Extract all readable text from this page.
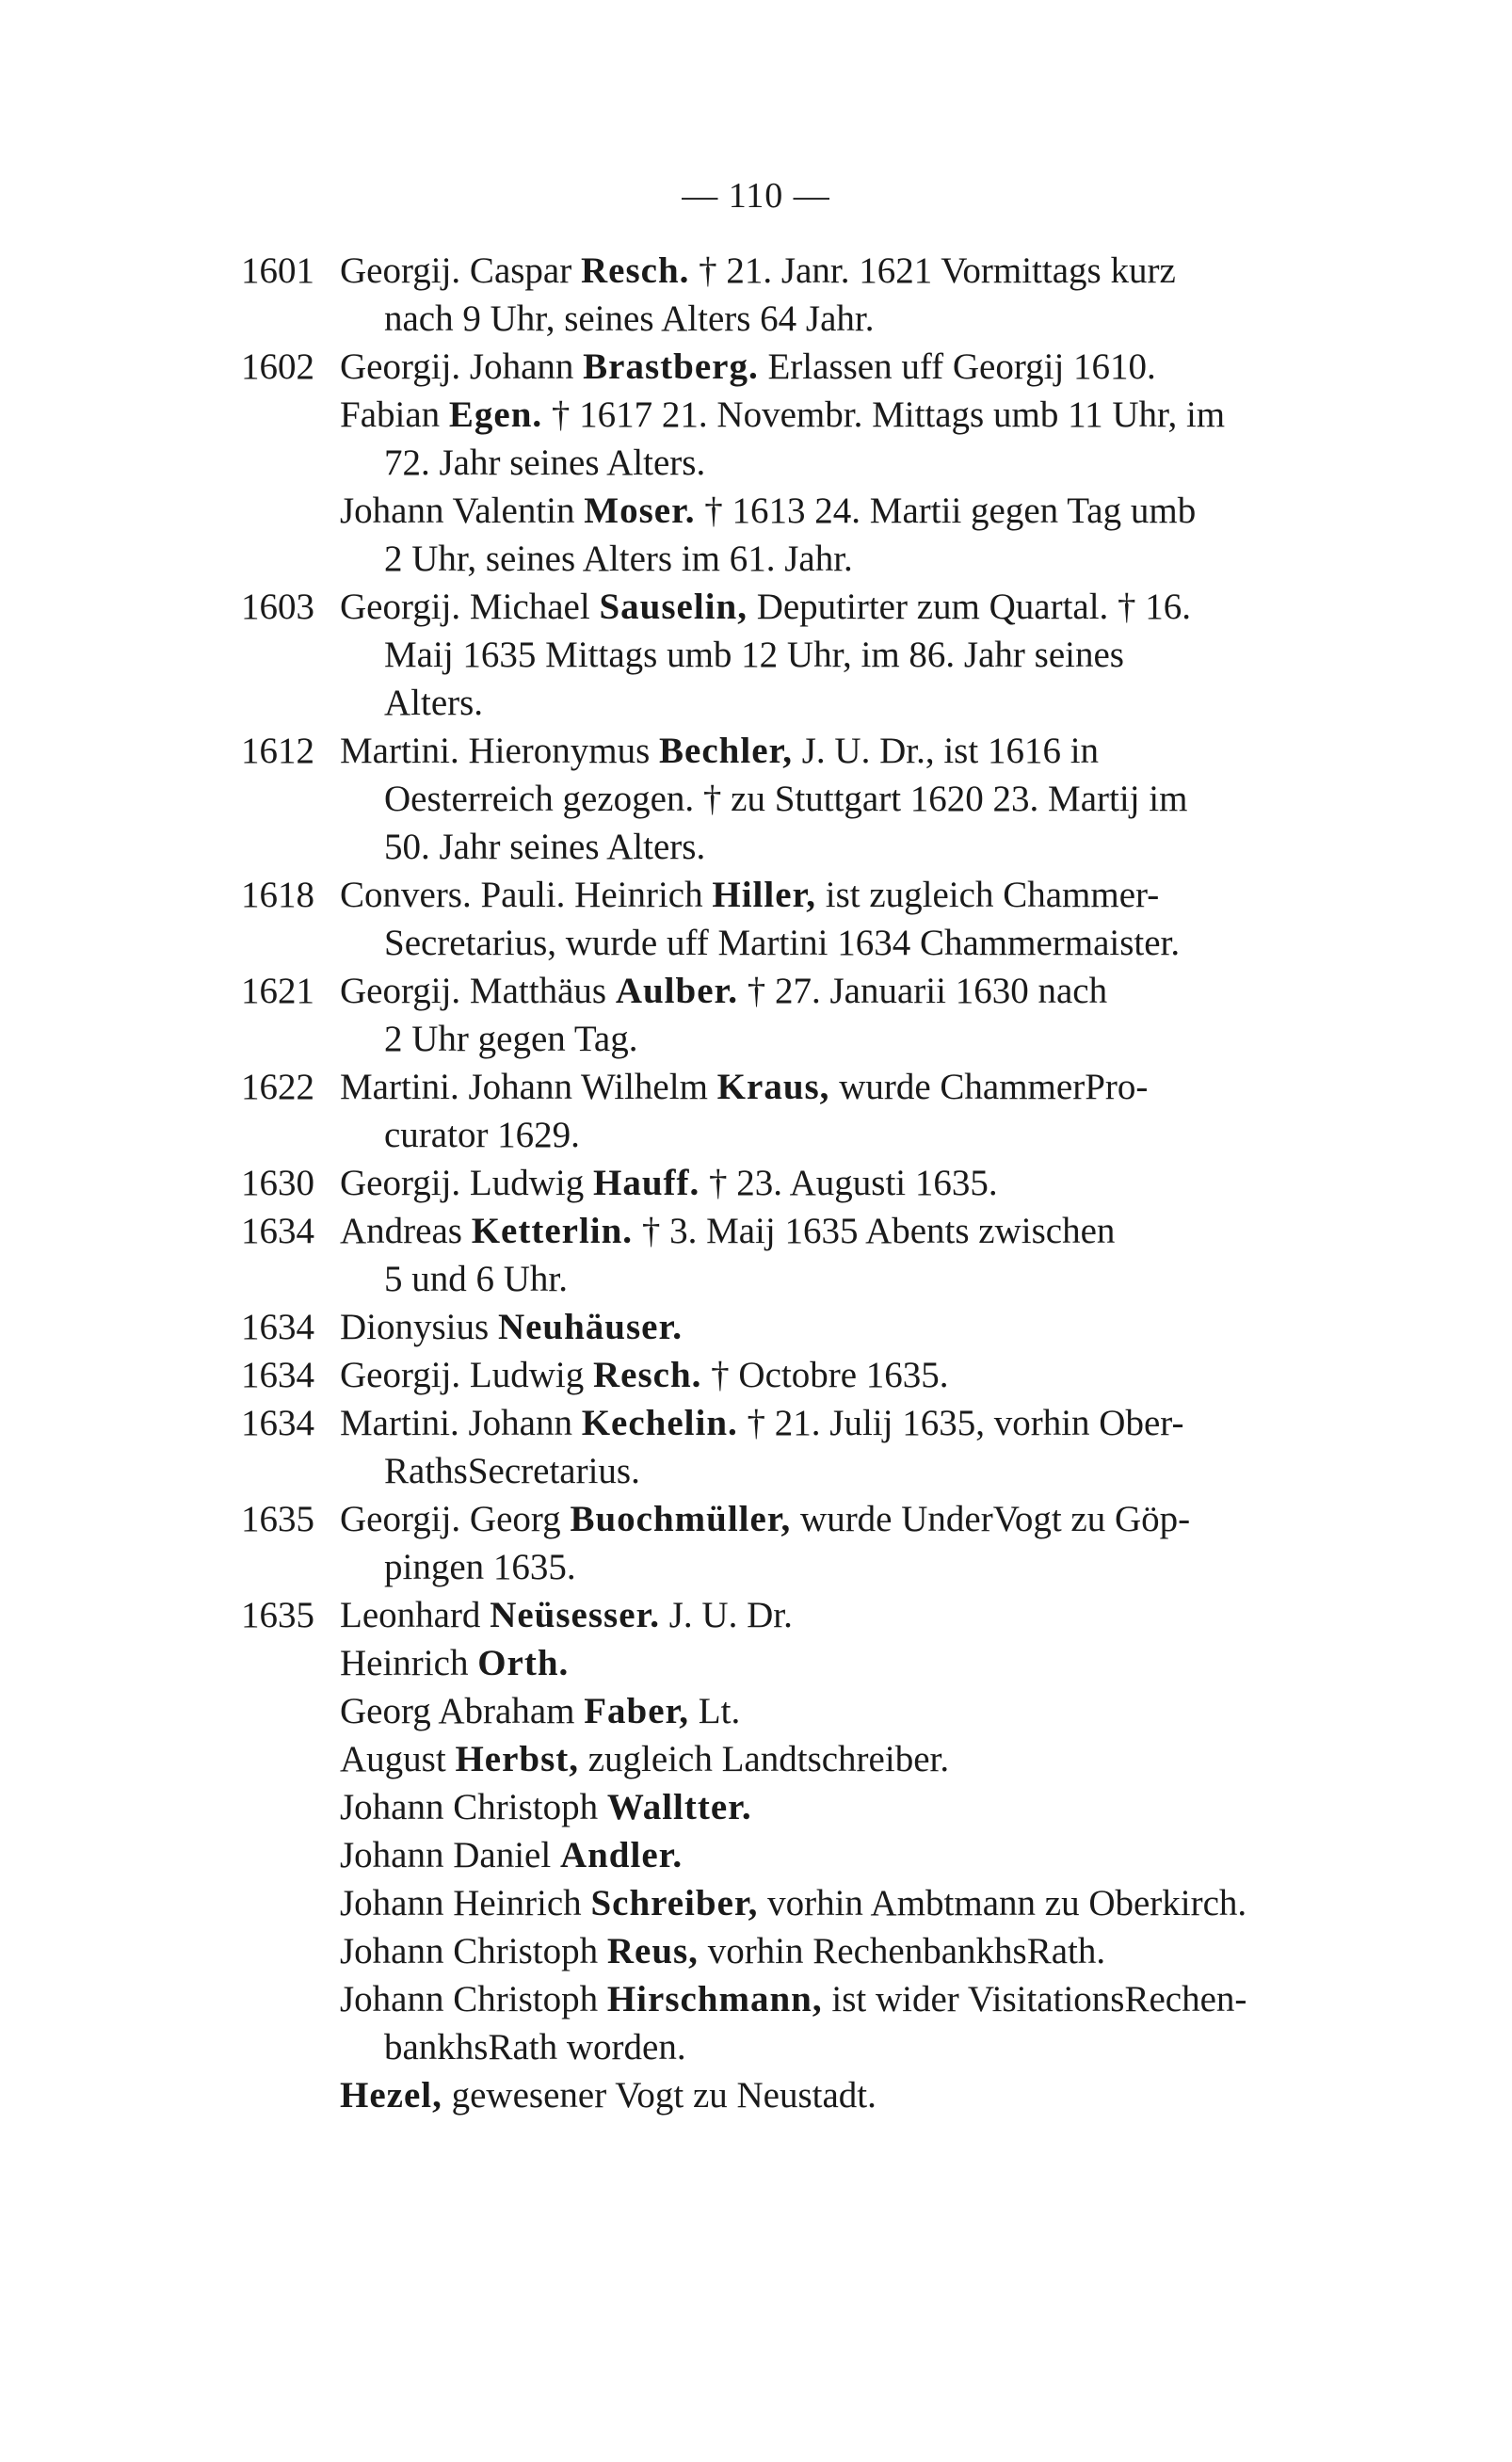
— 110 —
1601 Georgij. Caspar Resch. † 21. Janr. 1621 Vormittags kurz
nach 9 Uhr, seines Alters 64 Jahr.
1602 Georgij. Johann Brastberg. Erlassen uff Georgij 1610.
Fabian Egen. † 1617 21. Novembr. Mittags umb 11 Uhr, im
72. Jahr seines Alters.
Johann Valentin Moser. † 1613 24. Martii gegen Tag umb
2 Uhr, seines Alters im 61. Jahr.
1603 Georgij. Michael Sauselin, Deputirter zum Quartal. † 16.
Maij 1635 Mittags umb 12 Uhr, im 86. Jahr seines
Alters.
1612 Martini. Hieronymus Bechler, J. U. Dr., ist 1616 in
Oesterreich gezogen. † zu Stuttgart 1620 23. Martij im
50. Jahr seines Alters.
1618 Convers. Pauli. Heinrich Hiller, ist zugleich Chammer-
Secretarius, wurde uff Martini 1634 Chammermaister.
1621 Georgij. Matthäus Aulber. † 27. Januarii 1630 nach
2 Uhr gegen Tag.
1622 Martini. Johann Wilhelm Kraus, wurde ChammerPro-
curator 1629.
1630 Georgij. Ludwig Hauff. † 23. Augusti 1635.
1634 Andreas Ketterlin. † 3. Maij 1635 Abents zwischen
5 und 6 Uhr.
1634 Dionysius Neuhäuser.
1634 Georgij. Ludwig Resch. † Octobre 1635.
1634 Martini. Johann Kechelin. † 21. Julij 1635, vorhin Ober-
RathsSecretarius.
1635 Georgij. Georg Buochmüller, wurde UnderVogt zu Göp-
pingen 1635.
1635 Leonhard Neüsesser. J. U. Dr.
Heinrich Orth.
Georg Abraham Faber, Lt.
August Herbst, zugleich Landtschreiber.
Johann Christoph Walltter.
Johann Daniel Andler.
Johann Heinrich Schreiber, vorhin Ambtmann zu Oberkirch.
Johann Christoph Reus, vorhin RechenbankhsRath.
Johann Christoph Hirschmann, ist wider VisitationsRechen-
bankhsRath worden.
Hezel, gewesener Vogt zu Neustadt.
